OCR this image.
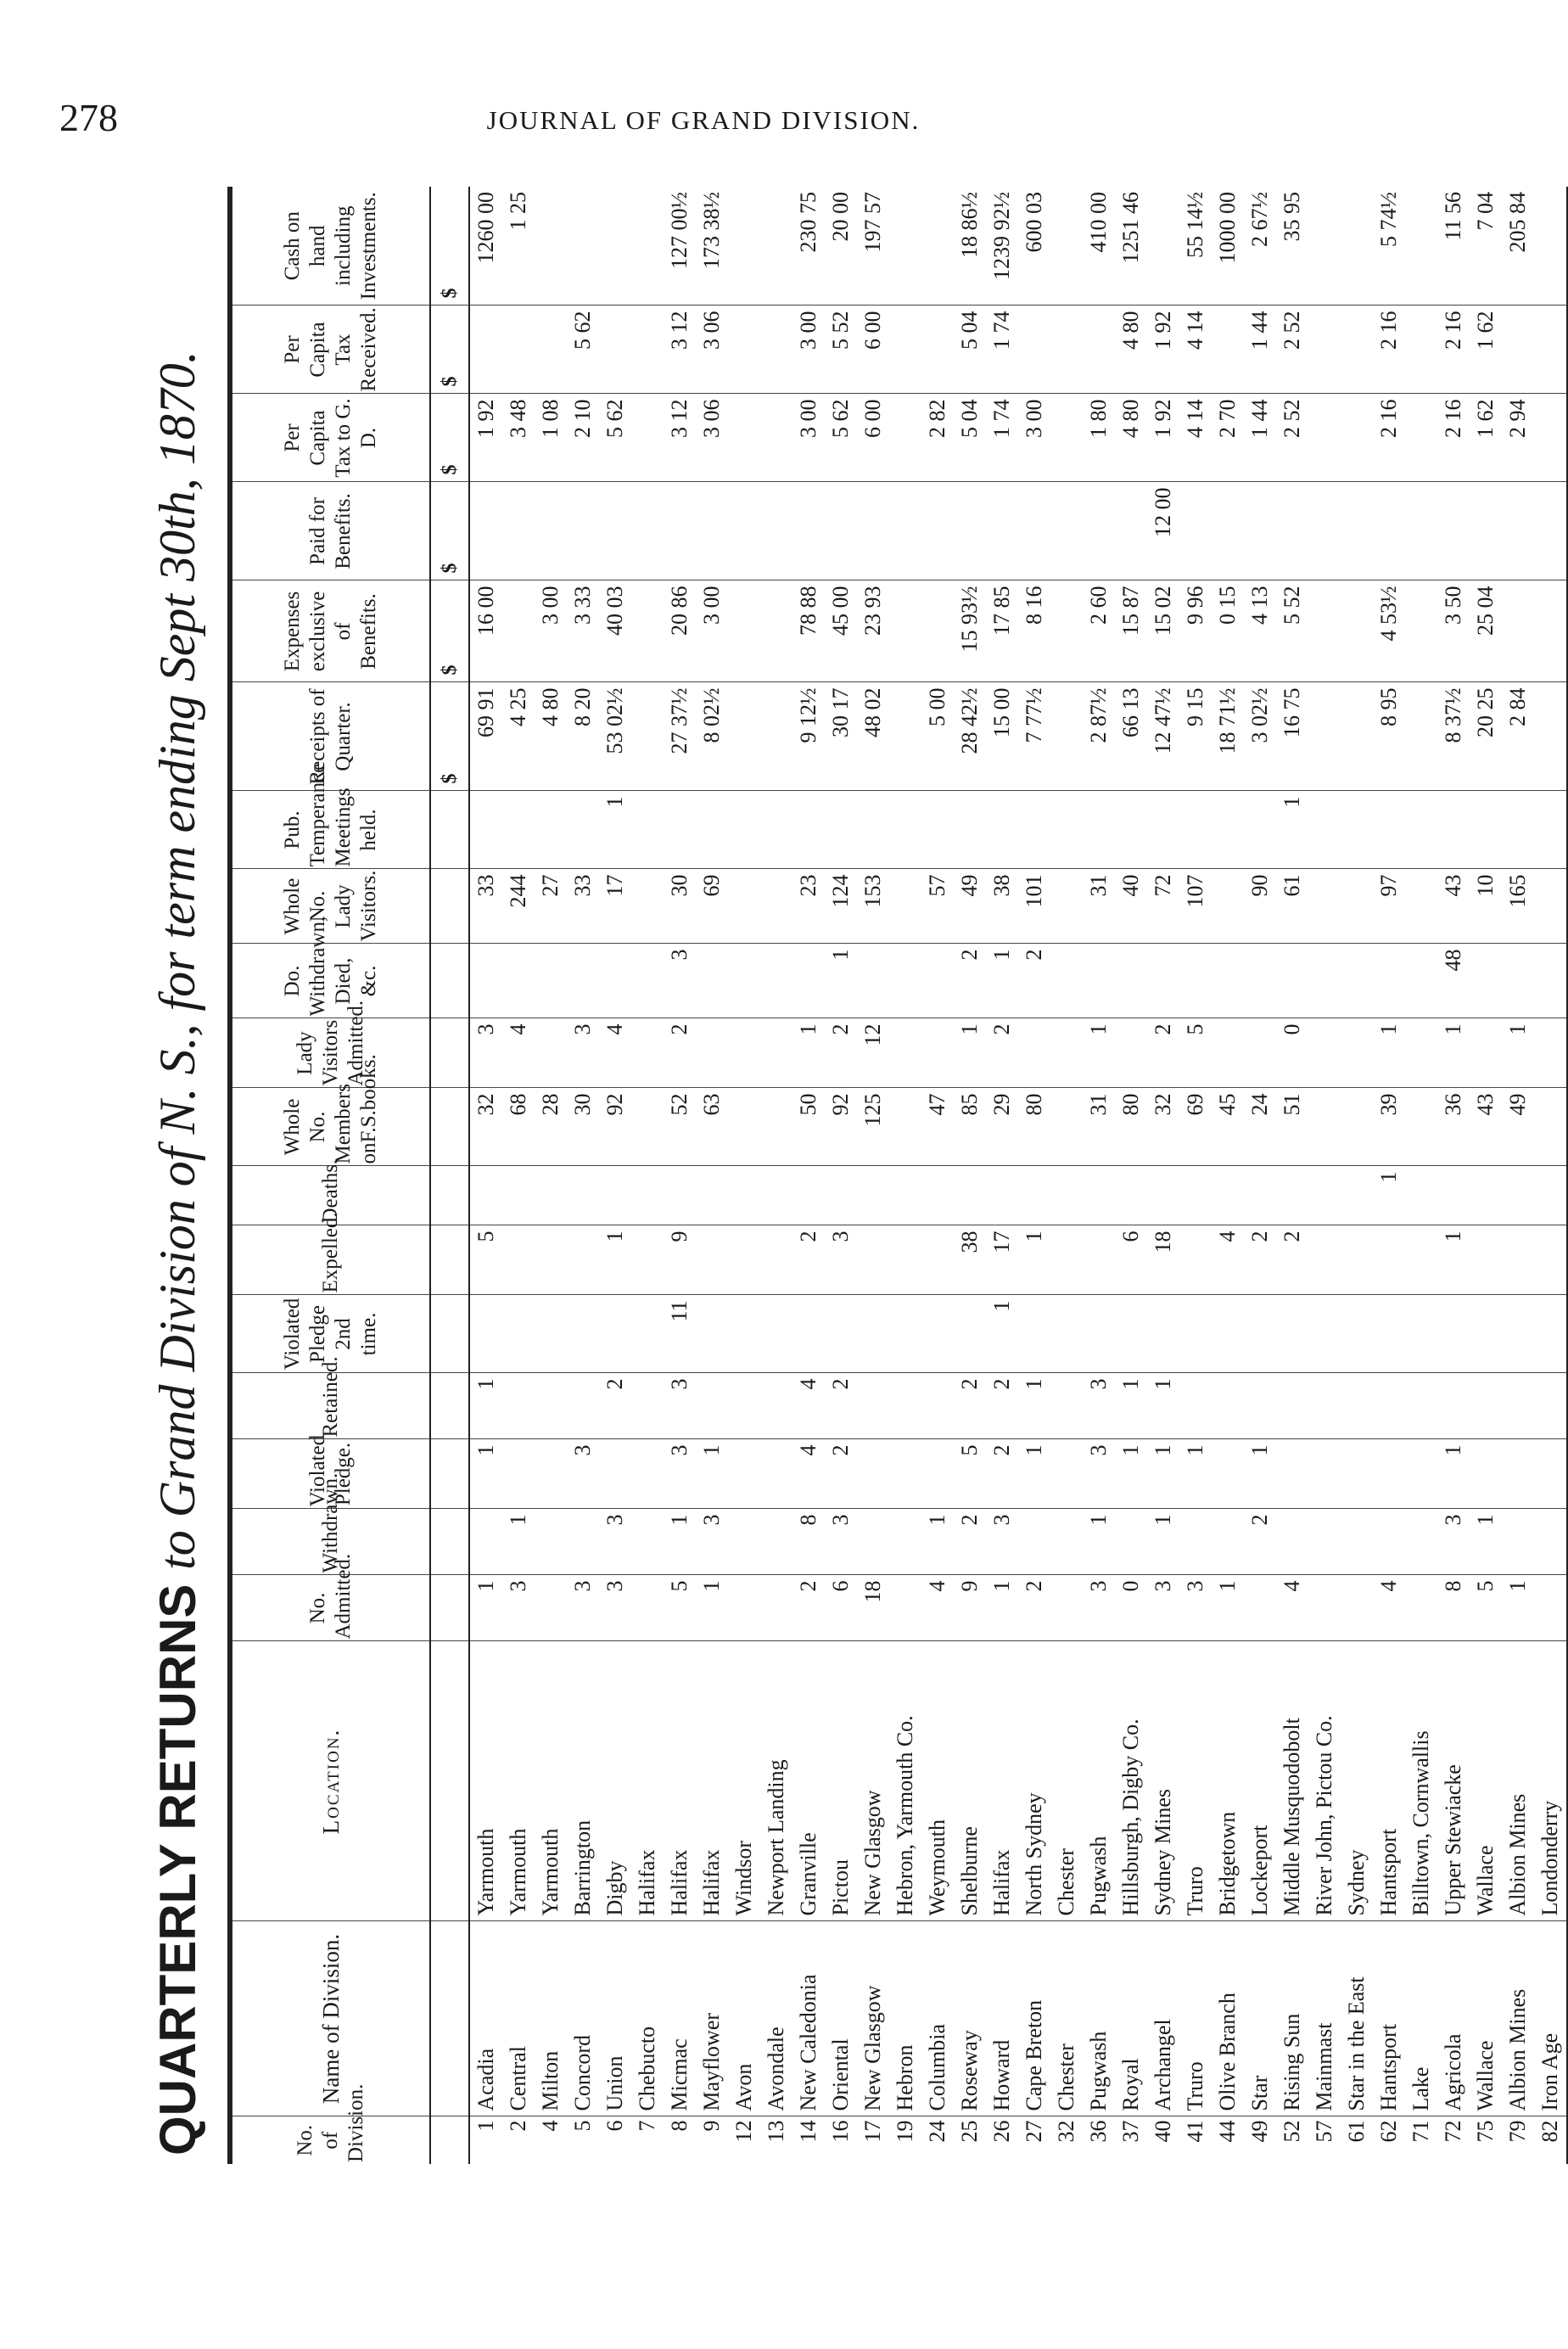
278	JOURNAL OF GRAND DIVISION.
QUARTERLY RETURNS

to Grand Division of N. S., for term ending Sept 30th, 1870.
No. of Division.	Name of Division.	Location.	No. Admitted.	Withdrawn.	Violated Pledge.	Retained.	Violated Pledge 2nd time.	Expelled.	Deaths.	Whole No. Members onF.S.books.	Lady Visitors Admitted.	Do. Withdrawn, Died, &c.	Whole No. Lady Visitors.	Pub. Temperance Meetings held.	Receipts of Quarter.	Expenses exclusive of Benefits.	Paid for Benefits.	Per Capita Tax to G. D.	Per Capita Tax Received.	Cash on hand including Investments.
															$	$	$	$	$	$
1	Acadia	Yarmouth	1		1	1		5		32	3		33		69 91	16 00		1 92		1260 00
2	Central	Yarmouth	3	1						68	4		244		4 25			3 48		1 25
4	Milton	Yarmouth								28			27		4 80	3 00		1 08		
5	Concord	Barrington	3		3					30	3		33		8 20	3 33		2 10	5 62	
6	Union	Digby	3	3		2		1		92	4		17	1	53 02½	40 03		5 62		
7	Chebucto	Halifax																		
8	Micmac	Halifax	5	1	3	3	11	9		52	2	3	30		27 37½	20 86		3 12	3 12	127 00½
9	Mayflower	Halifax	1	3	1					63			69		8 02½	3 00		3 06	3 06	173 38½
12	Avon	Windsor																		
13	Avondale	Newport Landing																		
14	New Caledonia	Granville	2	8	4	4		2		50	1		23		9 12½	78 88		3 00	3 00	230 75
16	Oriental	Pictou	6	3	2	2		3		92	2	1	124		30 17	45 00		5 62	5 52	20 00
17	New Glasgow	New Glasgow	18							125	12		153		48 02	23 93		6 00	6 00	197 57
19	Hebron	Hebron, Yarmouth Co.																		
24	Columbia	Weymouth	4	1						47			57		5 00			2 82		
25	Roseway	Shelburne	9	2	5	2		38		85	1	2	49		28 42½	15 93½		5 04	5 04	18 86½
26	Howard	Halifax	1	3	2	2	1	17		29	2	1	38		15 00	17 85		1 74	1 74	1239 92½
27	Cape Breton	North Sydney	2		1	1		1		80		2	101		7 77½	8 16		3 00		600 03
32	Chester	Chester																		
36	Pugwash	Pugwash	3	1	3	3				31	1		31		2 87½	2 60		1 80		410 00
37	Royal	Hillsburgh, Digby Co.	0		1	1		6		80			40		66 13	15 87		4 80	4 80	1251 46
40	Archangel	Sydney Mines	3	1	1	1		18		32	2		72		12 47½	15 02	12 00	1 92	1 92	
41	Truro	Truro	3		1					69	5		107		9 15	9 96		4 14	4 14	55 14½
44	Olive Branch	Bridgetown	1					4		45					18 71½	0 15		2 70		1000 00
49	Star	Lockeport		2	1			2		24			90		3 02½	4 13		1 44	1 44	2 67½
52	Rising Sun	Middle Musquodobolt	4					2		51	0		61	1	16 75	5 52		2 52	2 52	35 95
57	Mainmast	River John, Pictou Co.																		
61	Star in the East	Sydney																		
62	Hantsport	Hantsport	4						1	39	1		97		8 95	4 53½		2 16	2 16	5 74½
71	Lake	Billtown, Cornwallis																		
72	Agricola	Upper Stewiacke	8	3	1			1		36	1	48	43		8 37½	3 50		2 16	2 16	11 56
75	Wallace	Wallace	5	1						43			10		20 25	25 04		1 62	1 62	7 04
79	Albion Mines	Albion Mines	1							49	1		165		2 84			2 94		205 84
82	Iron Age	Londonderry																		
